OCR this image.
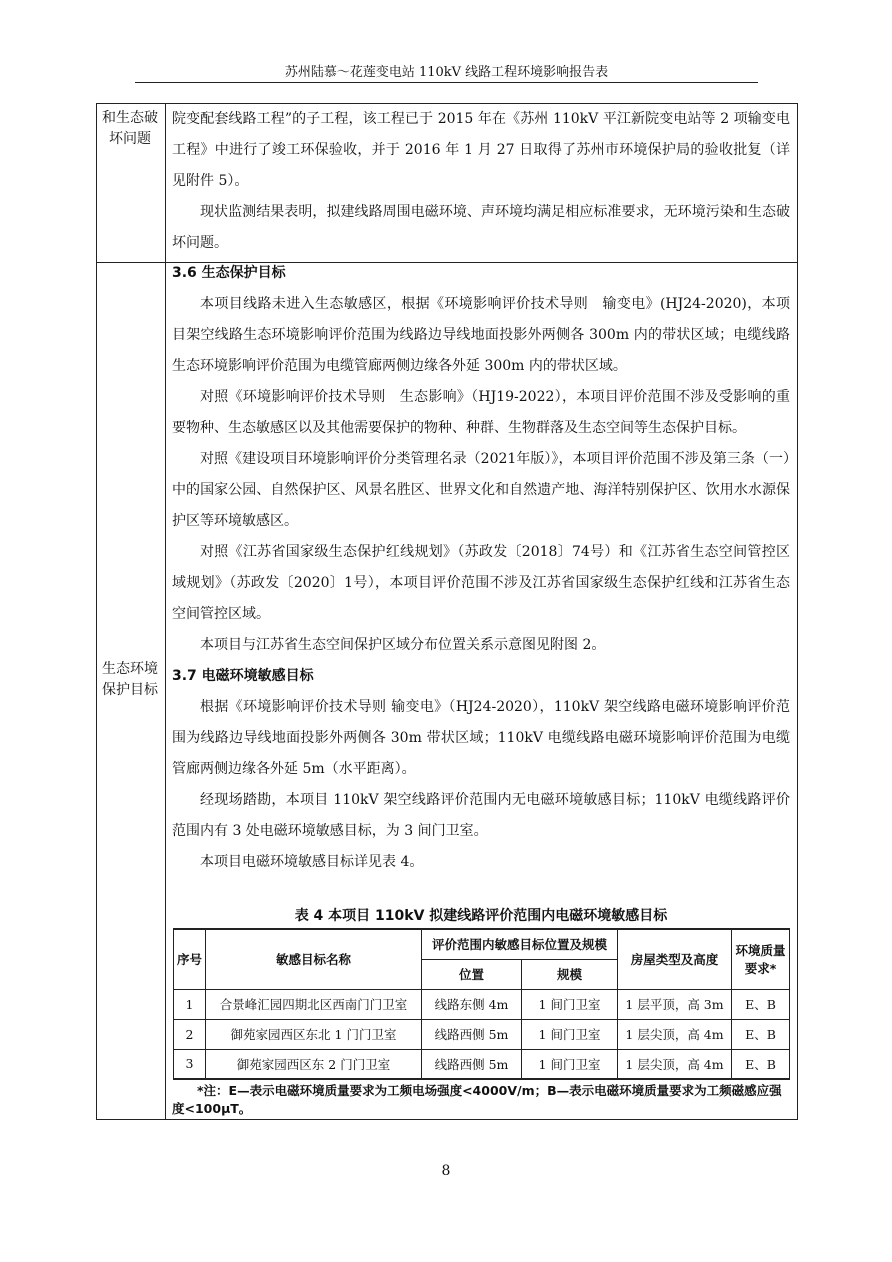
苏州陆慕～花莲变电站 110kV 线路工程环境影响报告表
和生态破坏问题

院变配套线路工程”的子工程，该工程已于 2015 年在《苏州 110kV 平江新院变电站等 2 项输变电工程》中进行了竣工环保验收，并于 2016 年 1 月 27 日取得了苏州市环境保护局的验收批复（详见附件 5）。

现状监测结果表明，拟建线路周围电磁环境、声环境均满足相应标准要求，无环境污染和生态破坏问题。

生态环境保护目标

3.6 生态保护目标

本项目线路未进入生态敏感区，根据《环境影响评价技术导则　输变电》(HJ24-2020)，本项目架空线路生态环境影响评价范围为线路边导线地面投影外两侧各 300m 内的带状区域；电缆线路生态环境影响评价范围为电缆管廊两侧边缘各外延 300m 内的带状区域。

对照《环境影响评价技术导则　生态影响》（HJ19-2022），本项目评价范围不涉及受影响的重要物种、生态敏感区以及其他需要保护的物种、种群、生物群落及生态空间等生态保护目标。

对照《建设项目环境影响评价分类管理名录（2021年版）》，本项目评价范围不涉及第三条（一）中的国家公园、自然保护区、风景名胜区、世界文化和自然遗产地、海洋特别保护区、饮用水水源保护区等环境敏感区。

对照《江苏省国家级生态保护红线规划》（苏政发〔2018〕74号）和《江苏省生态空间管控区域规划》（苏政发〔2020〕1号），本项目评价范围不涉及江苏省国家级生态保护红线和江苏省生态空间管控区域。

本项目与江苏省生态空间保护区域分布位置关系示意图见附图 2。

3.7 电磁环境敏感目标

根据《环境影响评价技术导则 输变电》（HJ24-2020），110kV 架空线路电磁环境影响评价范围为线路边导线地面投影外两侧各 30m 带状区域；110kV 电缆线路电磁环境影响评价范围为电缆管廊两侧边缘各外延 5m（水平距离）。

经现场踏勘，本项目 110kV 架空线路评价范围内无电磁环境敏感目标；110kV 电缆线路评价范围内有 3 处电磁环境敏感目标，为 3 间门卫室。

本项目电磁环境敏感目标详见表 4。

表 4 本项目 110kV 拟建线路评价范围内电磁环境敏感目标

序号	敏感目标名称	评价范围内敏感目标位置及规模		房屋类型及高度	环境质量要求*
		位置	规模		
1	合景峰汇园四期北区西南门门卫室	线路东侧 4m	1 间门卫室	1 层平顶，高 3m	E、B
2	御苑家园西区东北 1 门门卫室	线路西侧 5m	1 间门卫室	1 层尖顶，高 4m	E、B
3	御苑家园西区东 2 门门卫室	线路西侧 5m	1 间门卫室	1 层尖顶，高 4m	E、B
*注：E—表示电磁环境质量要求为工频电场强度<4000V/m；B—表示电磁环境质量要求为工频磁感应强度<100μT。
8
